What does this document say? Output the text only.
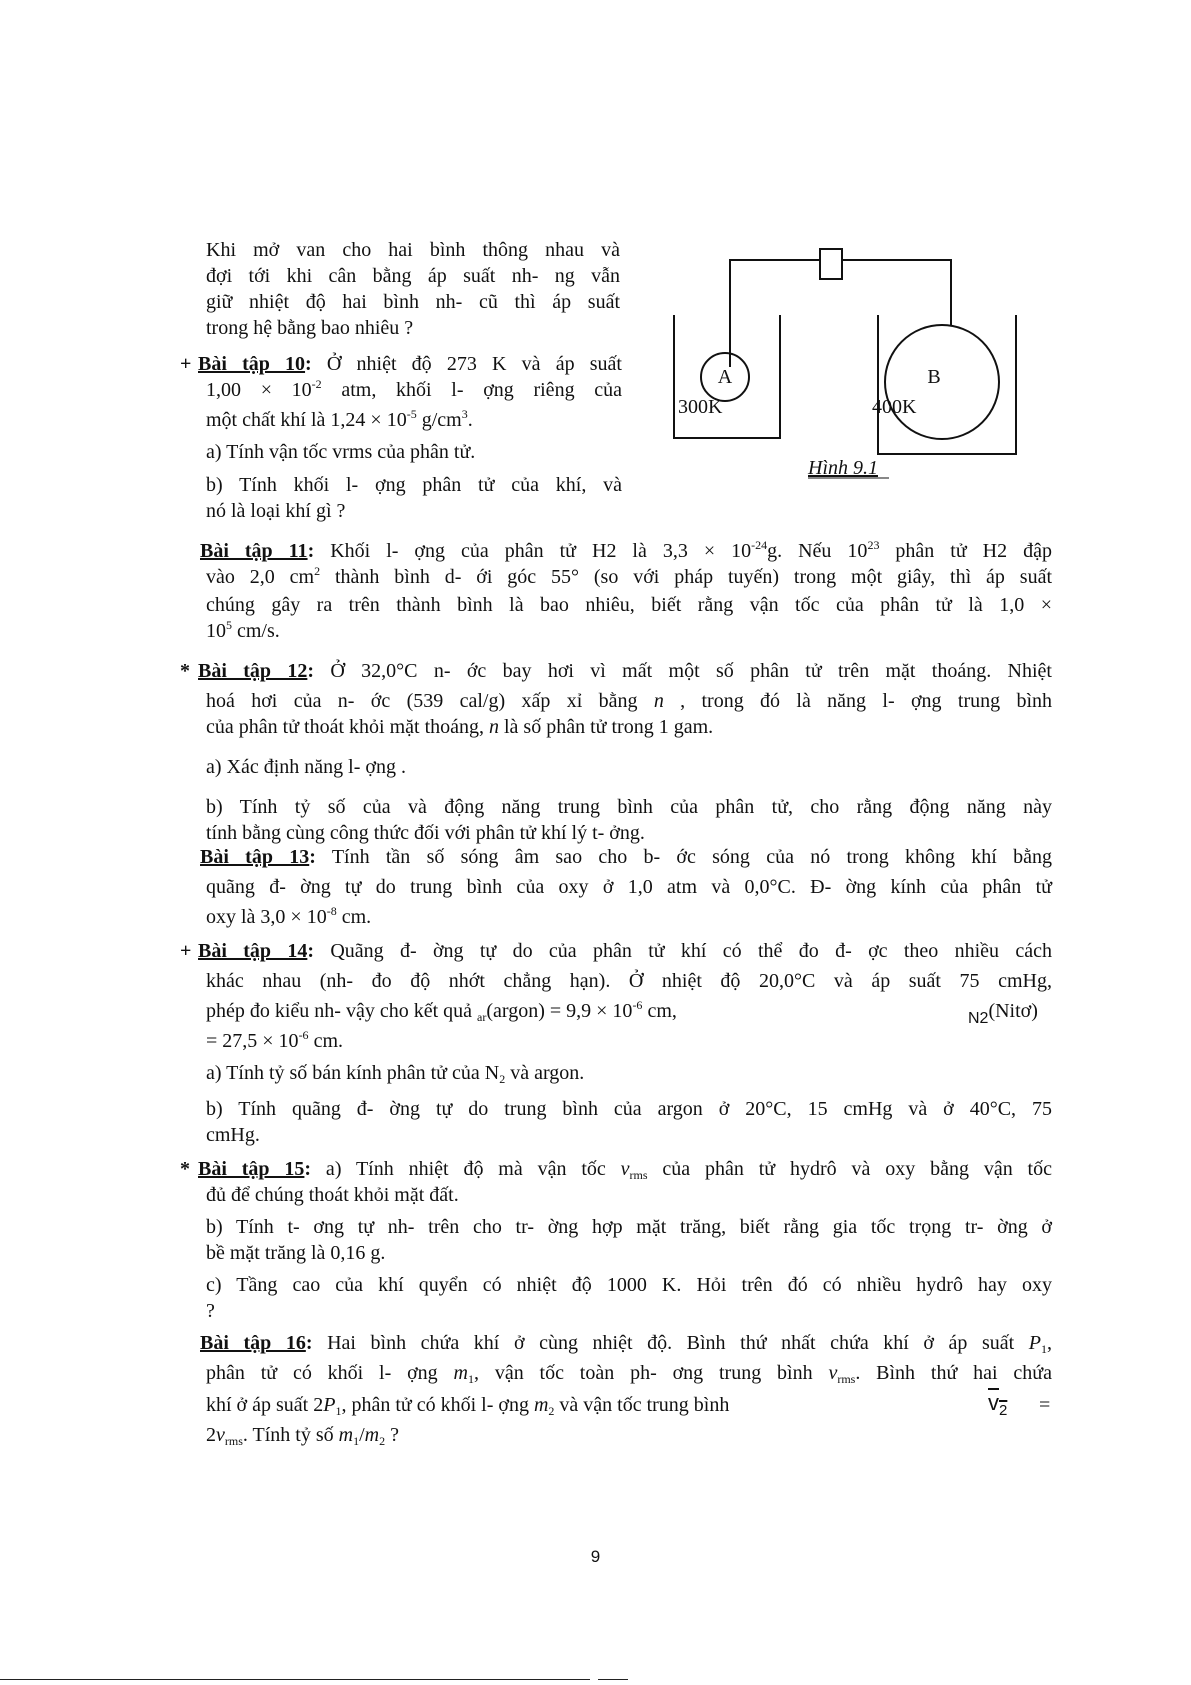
Khi mở van cho hai bình thông nhau và
đợi tới khi cân bằng áp suất nh- ng vẫn
giữ nhiệt độ hai bình nh- cũ thì áp suất
trong hệ bằng bao nhiêu ?
A	B
300K	400K
Hình 9.1
+ Bài tập 10: Ở nhiệt độ 273 K và áp suất
$1,00 \times 10^{-2}$ atm, khối l- ợng riêng của
một chất khí là $1,24 \times 10^{-5}$ $g/cm^3$.
a) Tính vận tốc vrms của phân tử.
b) Tính khối l- ợng phân tử của khí, và
nó là loại khí gì ?
Bài tập 11: Khối l- ợng của phân tử H2 là $3,3 \times 10^{-24}g$. Nếu $10^{23}$ phân tử H2 đập
vào 2,0 $cm^2$ thành bình d- ới góc 55° (so với pháp tuyến) trong một giây, thì áp suất
chúng gây ra trên thành bình là bao nhiêu, biết rằng vận tốc của phân tử là 1,0 ×
$10^5$ cm/s.
* Bài tập 12: Ở 32,0°C n- ớc bay hơi vì mất một số phân tử trên mặt thoáng. Nhiệt
hoá hơi của n- ớc (539 cal/g) xấp xỉ bằng n , trong đó là năng l- ợng trung bình
của phân tử thoát khỏi mặt thoáng, n là số phân tử trong 1 gam.
a) Xác định năng l- ợng .
b) Tính tỷ số của và động năng trung bình của phân tử, cho rằng động năng này
tính bằng cùng công thức đối với phân tử khí lý t- ởng.
Bài tập 13: Tính tần số sóng âm sao cho b- ớc sóng của nó trong không khí bằng
quãng đ- ờng tự do trung bình của oxy ở 1,0 atm và 0,0°C. Đ- ờng kính của phân tử
oxy là $3,0 \times 10^{-8}$ cm.
+ Bài tập 14: Quãng đ- ờng tự do của phân tử khí có thể đo đ- ợc theo nhiều cách
khác nhau (nh- đo độ nhớt chẳng hạn). Ở nhiệt độ 20,0°C và áp suất 75 cmHg,
phép đo kiểu nh- vậy cho kết quả $_{ar}$(argon) = $9,9 \times 10^{-6}$ cm,	$_{N2}$(Nitơ)
= $27,5 \times 10^{-6}$ cm.
a) Tính tỷ số bán kính phân tử của $N_2$ và argon.
b) Tính quãng đ- ờng tự do trung bình của argon ở 20°C, 15 cmHg và ở 40°C, 75
cmHg.
* Bài tập 15: a) Tính nhiệt độ mà vận tốc $v_{rms}$ của phân tử hydrô và oxy bằng vận tốc
đủ để chúng thoát khỏi mặt đất.
b) Tính t- ơng tự nh- trên cho tr- ờng hợp mặt trăng, biết rằng gia tốc trọng tr- ờng ở
bề mặt trăng là 0,16 g.
c) Tầng cao của khí quyển có nhiệt độ 1000 K. Hỏi trên đó có nhiều hydrô hay oxy
?
Bài tập 16: Hai bình chứa khí ở cùng nhiệt độ. Bình thứ nhất chứa khí ở áp suất $P_1$,
phân tử có khối l- ợng $m_1$, vận tốc toàn ph- ơng trung bình $v_{rms}$. Bình thứ hai chứa
khí ở áp suất $2P_1$, phân tử có khối l- ợng $m_2$ và vận tốc trung bình	$v_2$ =
$2v_{rms}$. Tính tỷ số $m_1/m_2$ ?
9
